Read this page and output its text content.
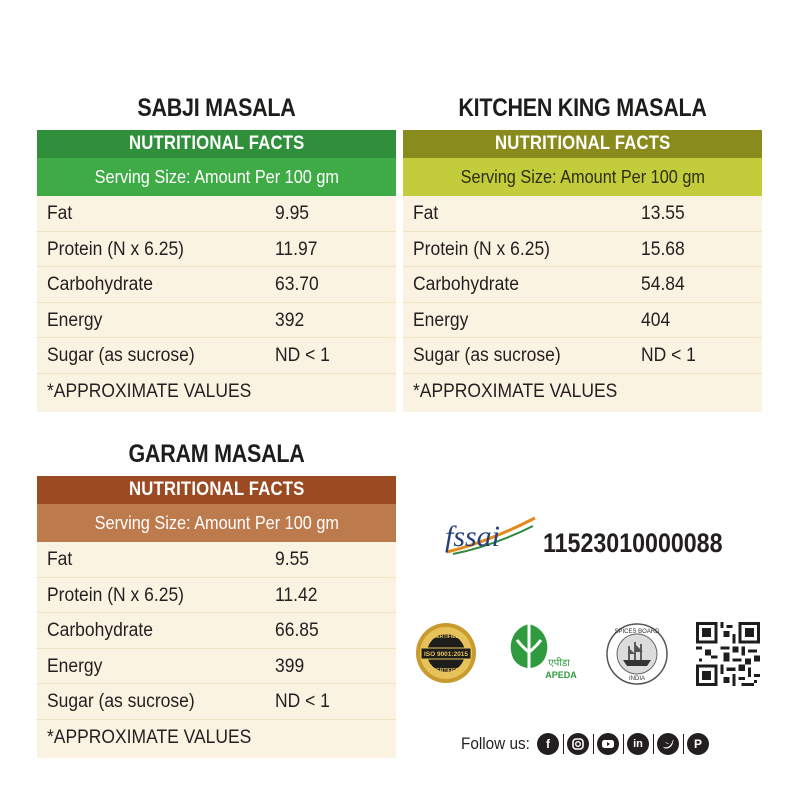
SABJI MASALA
NUTRITIONAL FACTS
Serving Size: Amount Per 100 gm
Fat	9.95
Protein (N x 6.25)	11.97
Carbohydrate	63.70
Energy	392
Sugar (as sucrose)	ND < 1
*APPROXIMATE VALUES
KITCHEN KING MASALA
NUTRITIONAL FACTS
Serving Size: Amount Per 100 gm
Fat	13.55
Protein (N x 6.25)	15.68
Carbohydrate	54.84
Energy	404
Sugar (as sucrose)	ND < 1
*APPROXIMATE VALUES
GARAM MASALA
NUTRITIONAL FACTS
Serving Size: Amount Per 100 gm
Fat	9.55
Protein (N x 6.25)	11.42
Carbohydrate	66.85
Energy	399
Sugar (as sucrose)	ND < 1
*APPROXIMATE VALUES
fssai 11523010000088
ISO 9001:2015
CERTIFIED
CERTIFIED
एपीडा
APEDA
SPICES BOARD
INDIA
Follow us:	f	in	P
